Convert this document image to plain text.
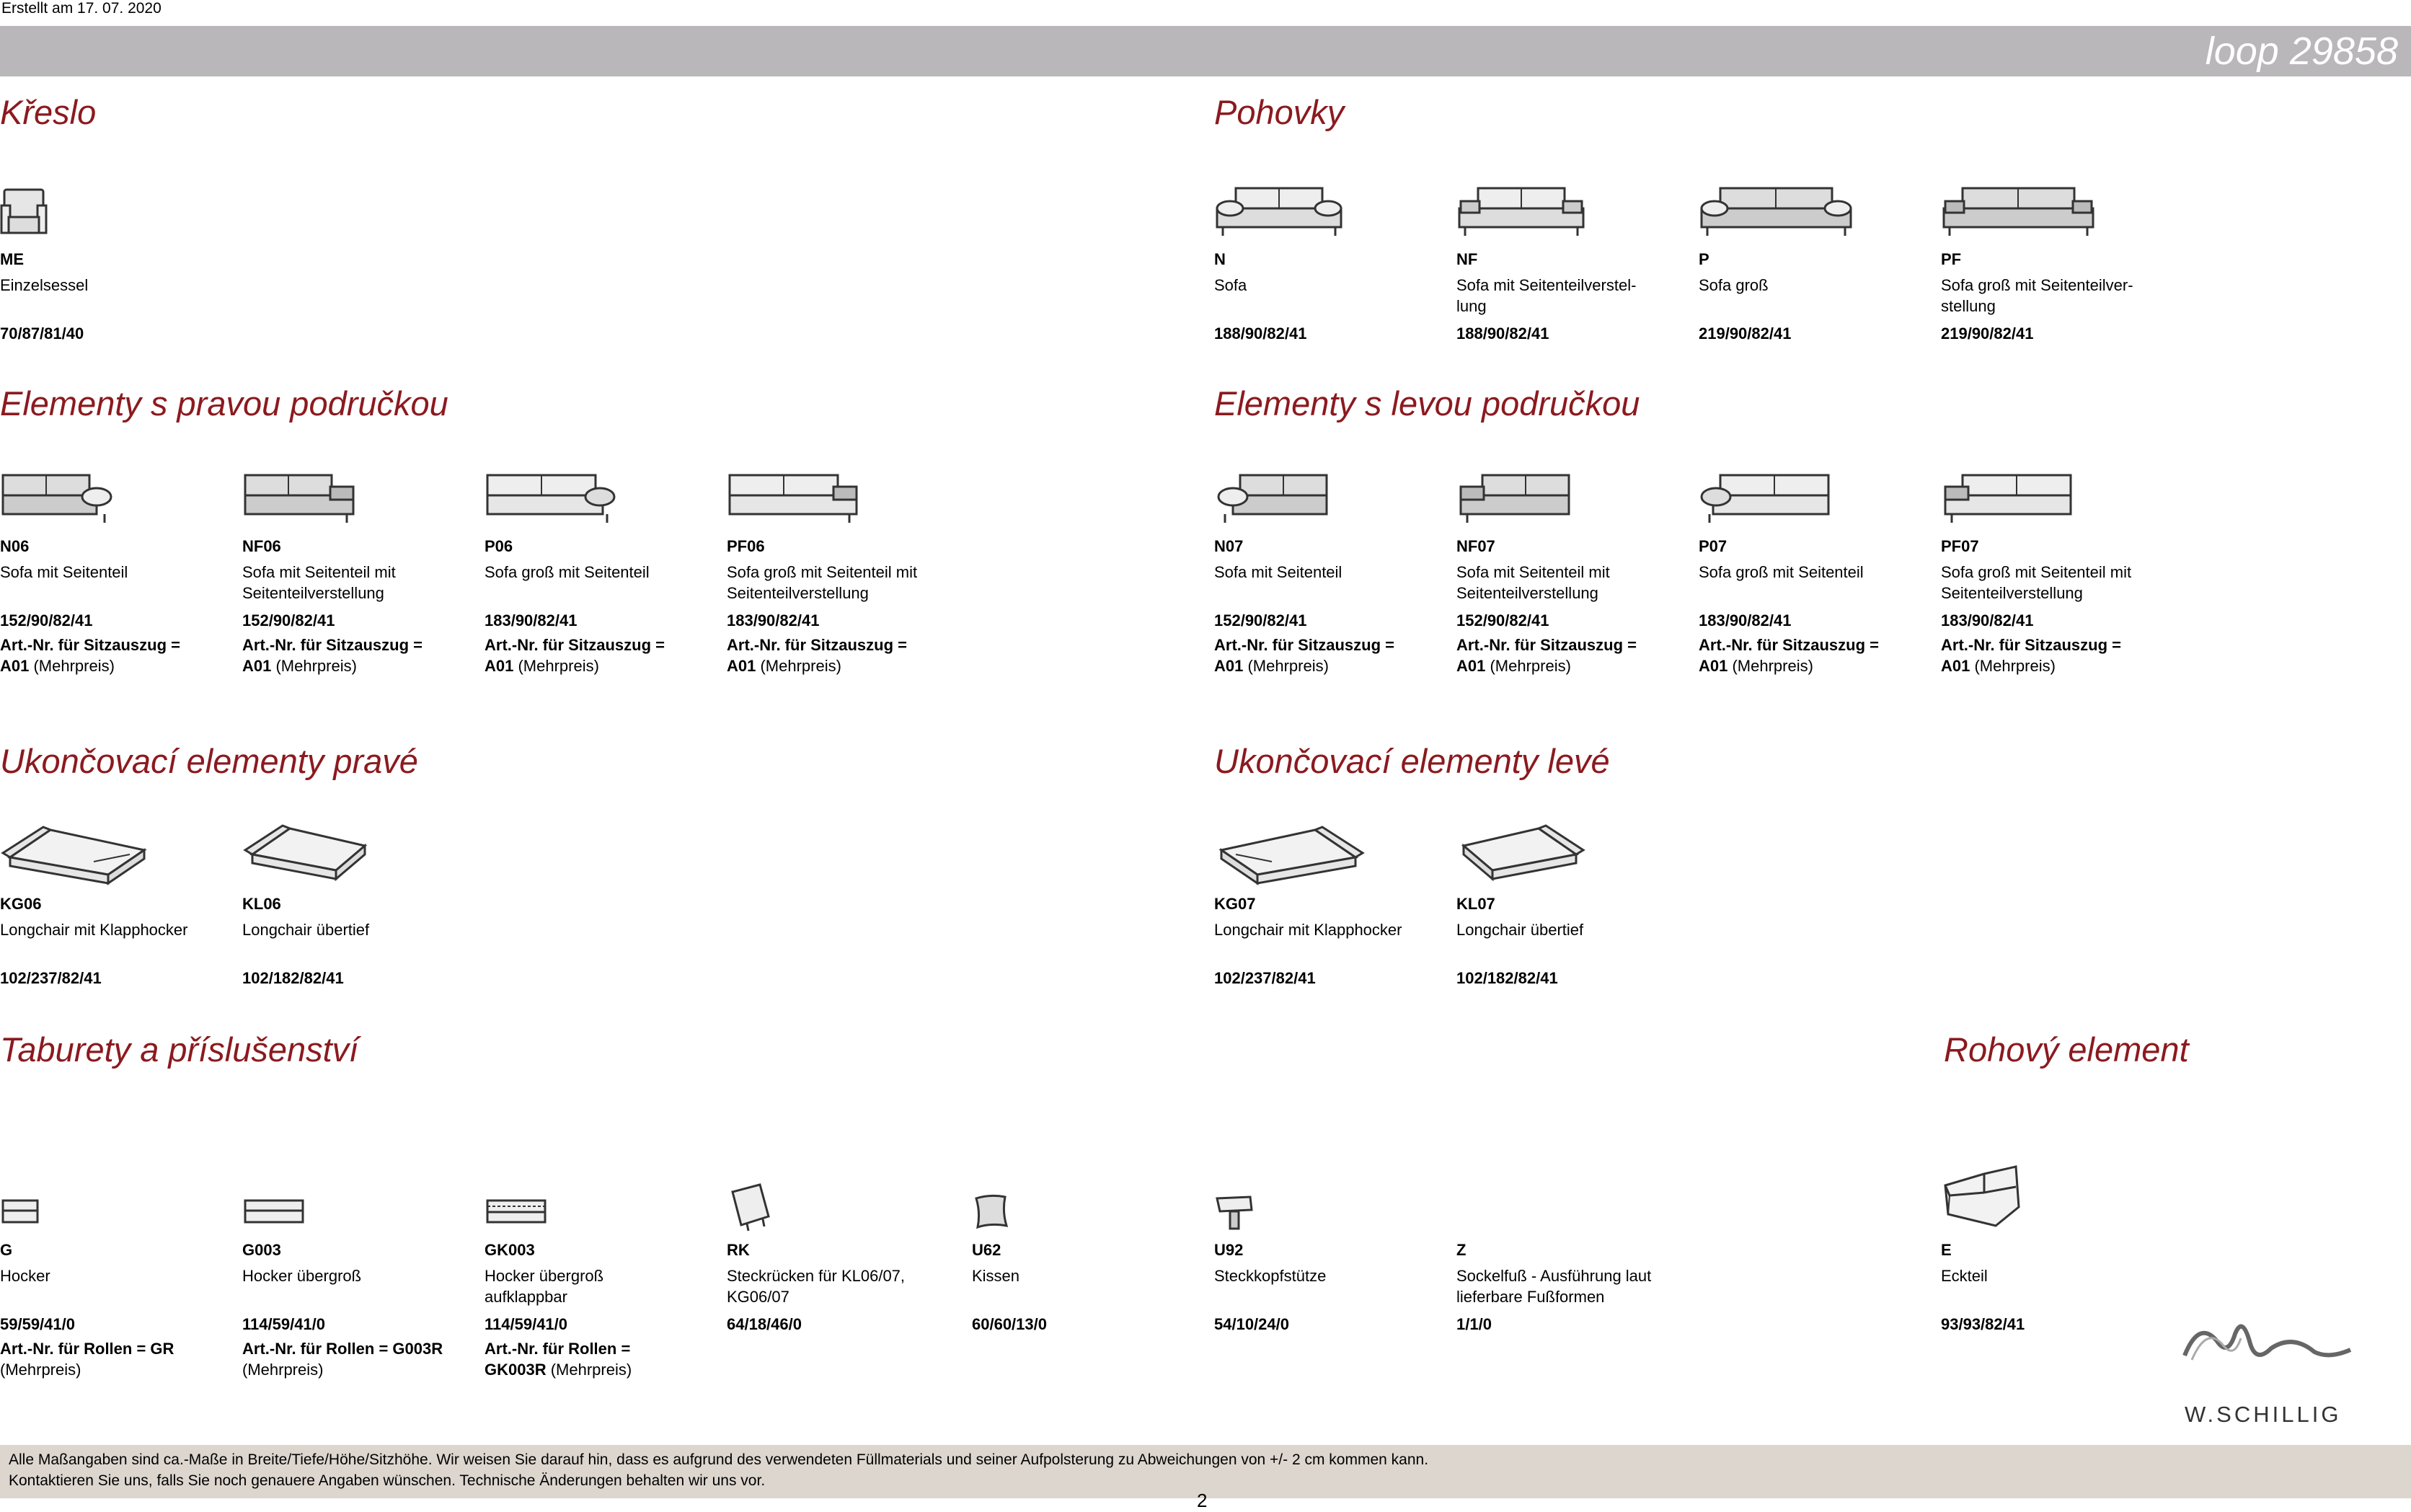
Erstellt am 17. 07. 2020
loop 29858
Křeslo	Pohovky
Elementy s pravou područkou	Elementy s levou područkou
Ukončovací elementy pravé	Ukončovací elementy levé
Taburety a příslušenství	Rohový element
ME
Einzelsessel
70/87/81/40
N
Sofa
188/90/82/41
NF
Sofa mit Seitenteilverstel-
lung
188/90/82/41
P
Sofa groß
219/90/82/41
PF
Sofa groß mit Seitenteilver-
stellung
219/90/82/41
N06
Sofa mit Seitenteil
152/90/82/41
Art.-Nr. für Sitzauszug =
A01 (Mehrpreis)
NF06
Sofa mit Seitenteil mit
Seitenteilverstellung
152/90/82/41
Art.-Nr. für Sitzauszug =
A01 (Mehrpreis)
P06
Sofa groß mit Seitenteil
183/90/82/41
Art.-Nr. für Sitzauszug =
A01 (Mehrpreis)
PF06
Sofa groß mit Seitenteil mit
Seitenteilverstellung
183/90/82/41
Art.-Nr. für Sitzauszug =
A01 (Mehrpreis)
N07
Sofa mit Seitenteil
152/90/82/41
Art.-Nr. für Sitzauszug =
A01 (Mehrpreis)
NF07
Sofa mit Seitenteil mit
Seitenteilverstellung
152/90/82/41
Art.-Nr. für Sitzauszug =
A01 (Mehrpreis)
P07
Sofa groß mit Seitenteil
183/90/82/41
Art.-Nr. für Sitzauszug =
A01 (Mehrpreis)
PF07
Sofa groß mit Seitenteil mit
Seitenteilverstellung
183/90/82/41
Art.-Nr. für Sitzauszug =
A01 (Mehrpreis)
KG06
Longchair mit Klapphocker
102/237/82/41
KL06
Longchair übertief
102/182/82/41
KG07
Longchair mit Klapphocker
102/237/82/41
KL07
Longchair übertief
102/182/82/41
G
Hocker
59/59/41/0
Art.-Nr. für Rollen = GR
(Mehrpreis)
G003
Hocker übergroß
114/59/41/0
Art.-Nr. für Rollen = G003R
(Mehrpreis)
GK003
Hocker übergroß
aufklappbar
114/59/41/0
Art.-Nr. für Rollen =
GK003R (Mehrpreis)
RK
Steckrücken für KL06/07,
KG06/07
64/18/46/0
U62
Kissen
60/60/13/0
U92
Steckkopfstütze
54/10/24/0
Z
Sockelfuß - Ausführung laut
lieferbare Fußformen
1/1/0
E
Eckteil
93/93/82/41
W.SCHILLIG
Alle Maßangaben sind ca.-Maße in Breite/Tiefe/Höhe/Sitzhöhe. Wir weisen Sie darauf hin, dass es aufgrund des verwendeten Füllmaterials und seiner Aufpolsterung zu Abweichungen von +/- 2 cm kommen kann.
Kontaktieren Sie uns, falls Sie noch genauere Angaben wünschen. Technische Änderungen behalten wir uns vor.
2
